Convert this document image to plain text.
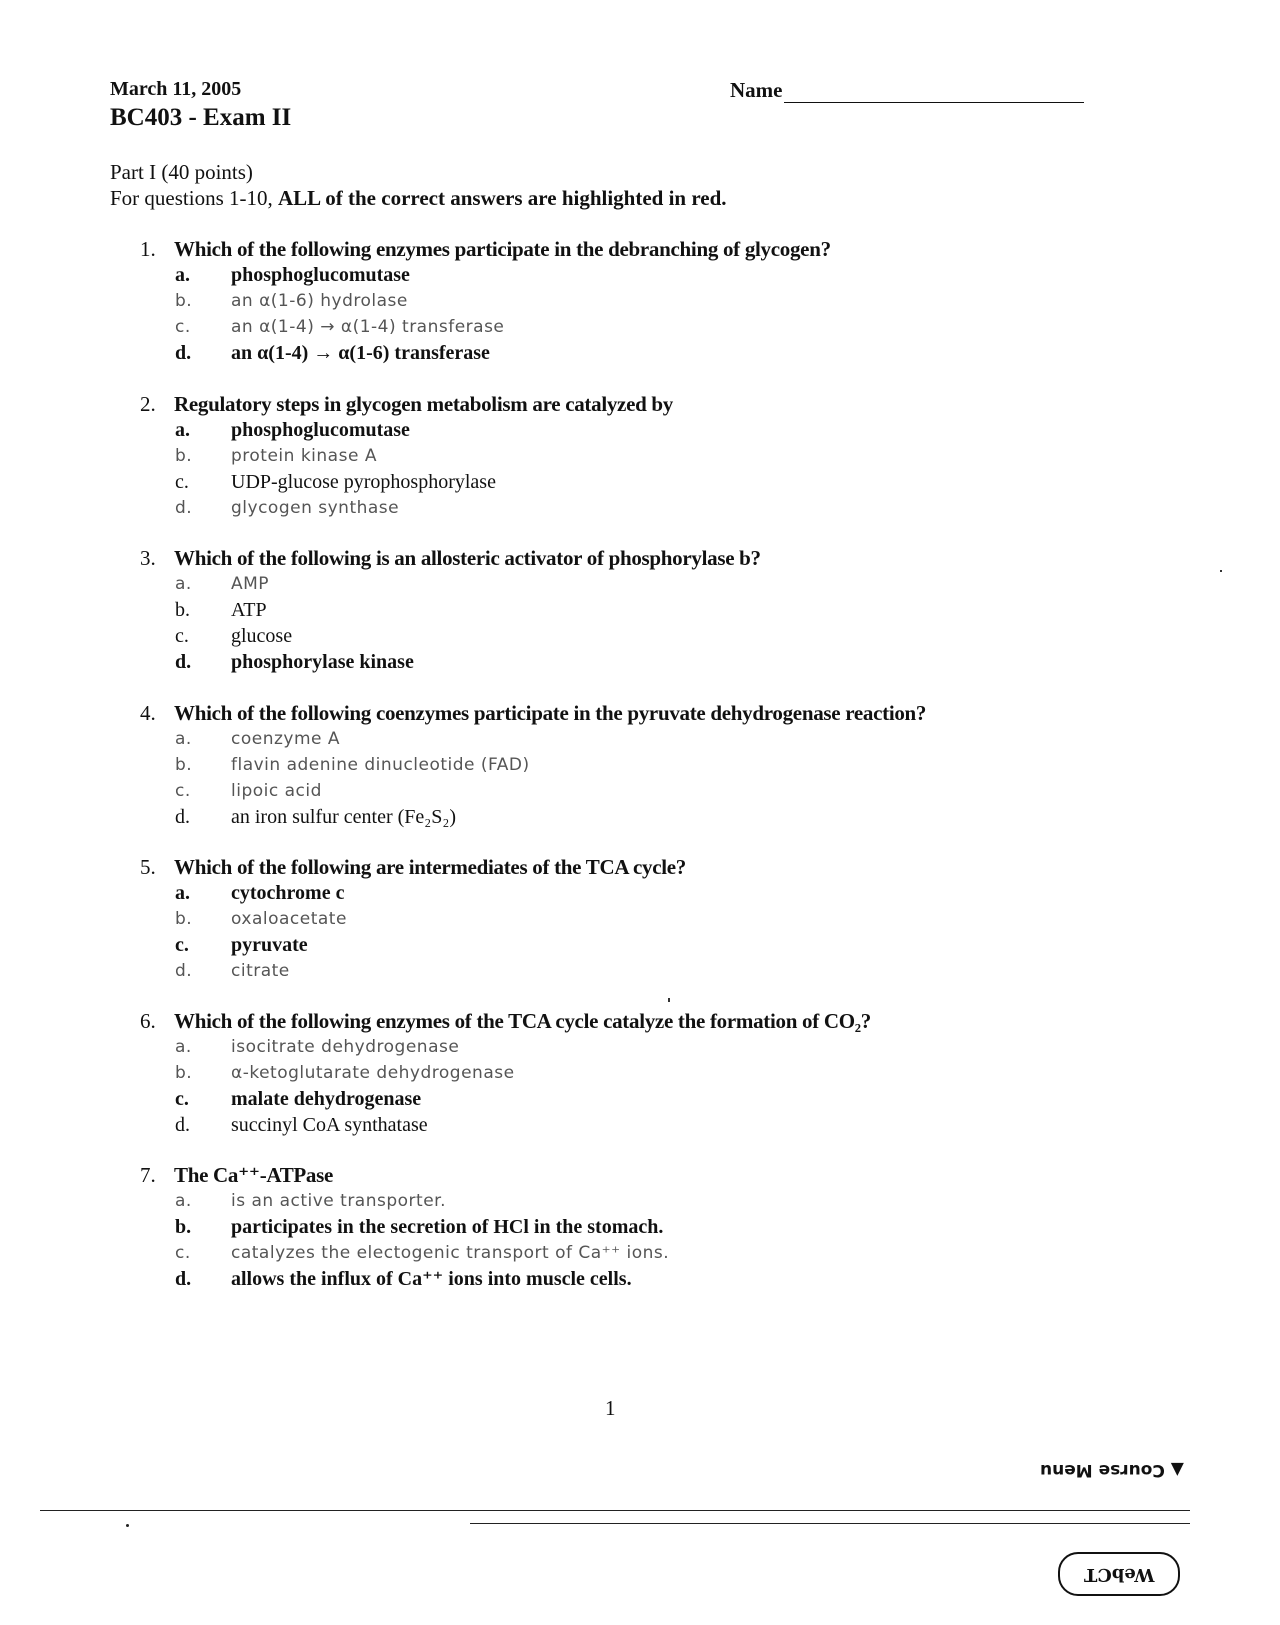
March 11, 2005
BC403 - Exam II
Name
Part I (40 points)
For questions 1-10, ALL of the correct answers are highlighted in red.
1. Which of the following enzymes participate in the debranching of glycogen?
a.	phosphoglucomutase
b.	an α(1-6) hydrolase
c.	an α(1-4) → α(1-4) transferase
d.	an α(1-4) → α(1-6) transferase
2. Regulatory steps in glycogen metabolism are catalyzed by
a.	phosphoglucomutase
b.	protein kinase A
c.	UDP-glucose pyrophosphorylase
d.	glycogen synthase
3. Which of the following is an allosteric activator of phosphorylase b?
a.	AMP
b.	ATP
c.	glucose
d.	phosphorylase kinase
4. Which of the following coenzymes participate in the pyruvate dehydrogenase reaction?
a.	coenzyme A
b.	flavin adenine dinucleotide (FAD)
c.	lipoic acid
d.	an iron sulfur center (Fe₂S₂)
5. Which of the following are intermediates of the TCA cycle?
a.	cytochrome c
b.	oxaloacetate
c.	pyruvate
d.	citrate
6. Which of the following enzymes of the TCA cycle catalyze the formation of CO₂?
a.	isocitrate dehydrogenase
b.	α-ketoglutarate dehydrogenase
c.	malate dehydrogenase
d.	succinyl CoA synthatase
7. The Ca⁺⁺-ATPase
a.	is an active transporter.
b.	participates in the secretion of HCl in the stomach.
c.	catalyzes the electogenic transport of Ca⁺⁺ ions.
d.	allows the influx of Ca⁺⁺ ions into muscle cells.
1
▲ Course Menu
WebCT
